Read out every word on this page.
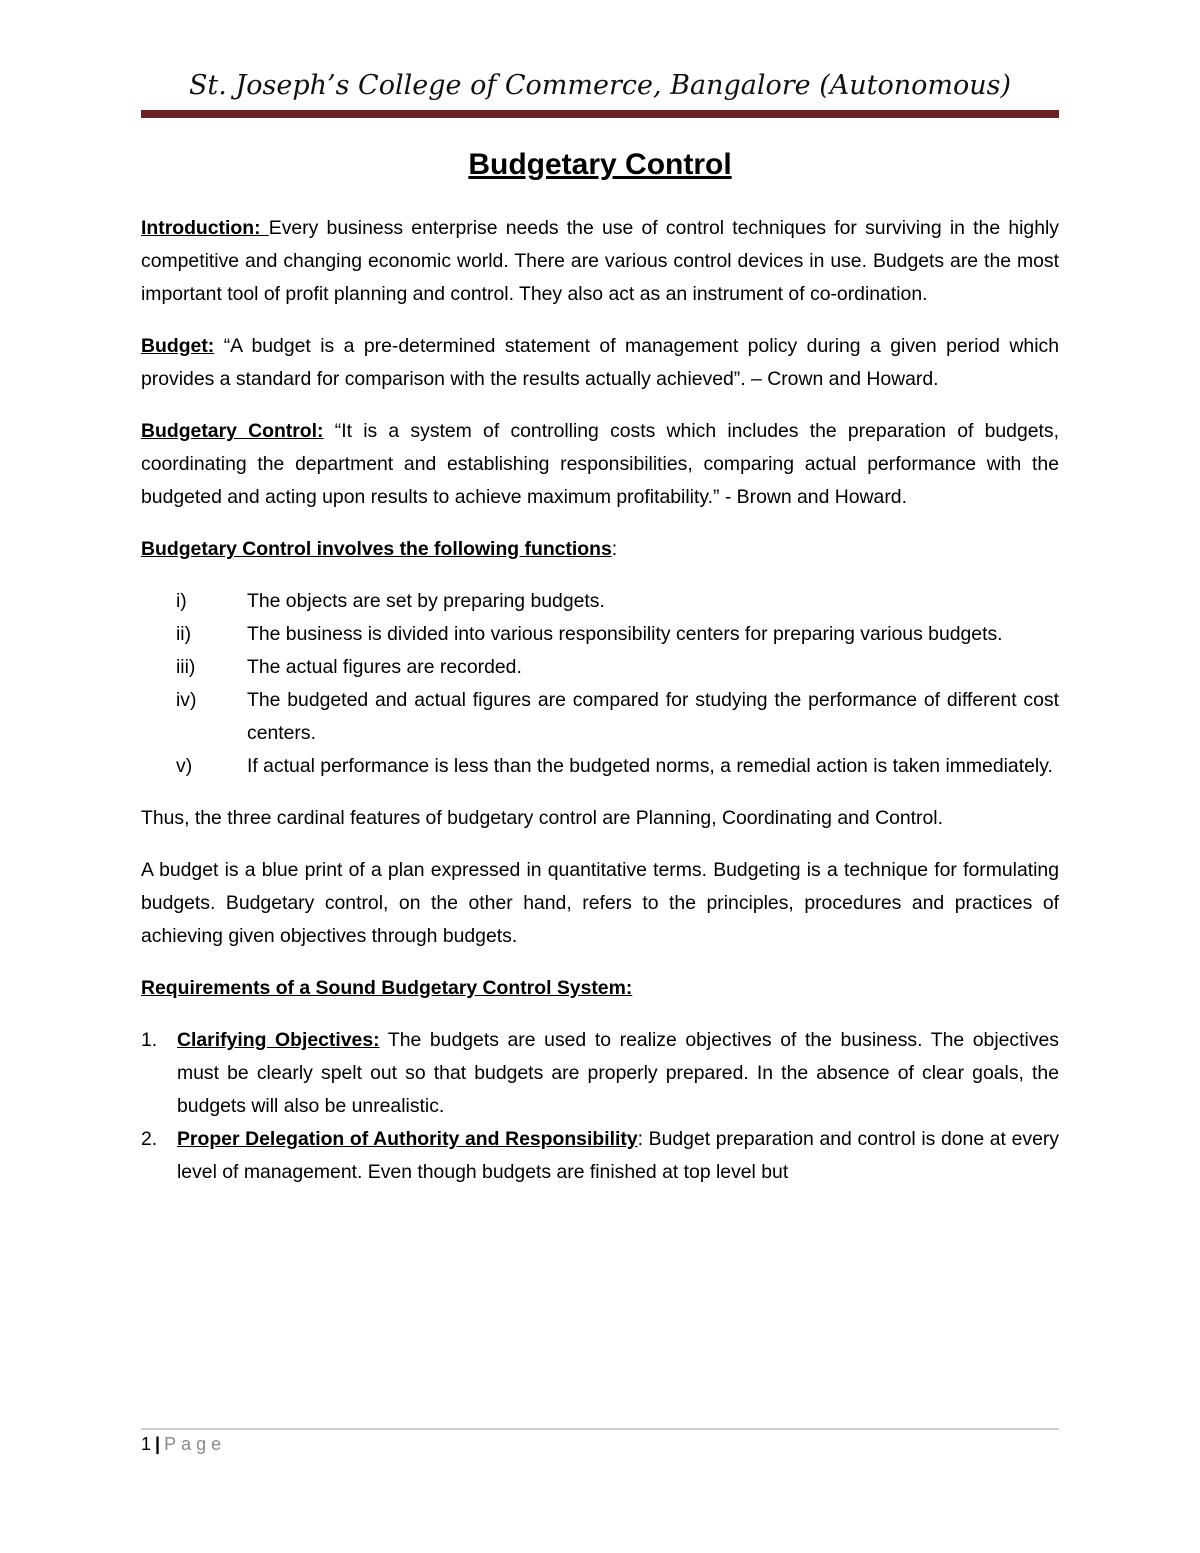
St. Joseph’s College of Commerce, Bangalore (Autonomous)
Budgetary Control

Introduction: Every business enterprise needs the use of control techniques for surviving in the highly competitive and changing economic world. There are various control devices in use. Budgets are the most important tool of profit planning and control. They also act as an instrument of co-ordination.

Budget: “A budget is a pre-determined statement of management policy during a given period which provides a standard for comparison with the results actually achieved”. – Crown and Howard.

Budgetary Control: “It is a system of controlling costs which includes the preparation of budgets, coordinating the department and establishing responsibilities, comparing actual performance with the budgeted and acting upon results to achieve maximum profitability.” - Brown and Howard.

Budgetary Control involves the following functions:

i)	The objects are set by preparing budgets.
ii)	The business is divided into various responsibility centers for preparing various budgets.
iii)	The actual figures are recorded.
iv)	The budgeted and actual figures are compared for studying the performance of different cost centers.
v)	If actual performance is less than the budgeted norms, a remedial action is taken immediately.

Thus, the three cardinal features of budgetary control are Planning, Coordinating and Control.

A budget is a blue print of a plan expressed in quantitative terms. Budgeting is a technique for formulating budgets. Budgetary control, on the other hand, refers to the principles, procedures and practices of achieving given objectives through budgets.

Requirements of a Sound Budgetary Control System:

1.	Clarifying Objectives: The budgets are used to realize objectives of the business. The objectives must be clearly spelt out so that budgets are properly prepared. In the absence of clear goals, the budgets will also be unrealistic.
2.	Proper Delegation of Authority and Responsibility: Budget preparation and control is done at every level of management. Even though budgets are finished at top level but
1 | Page
